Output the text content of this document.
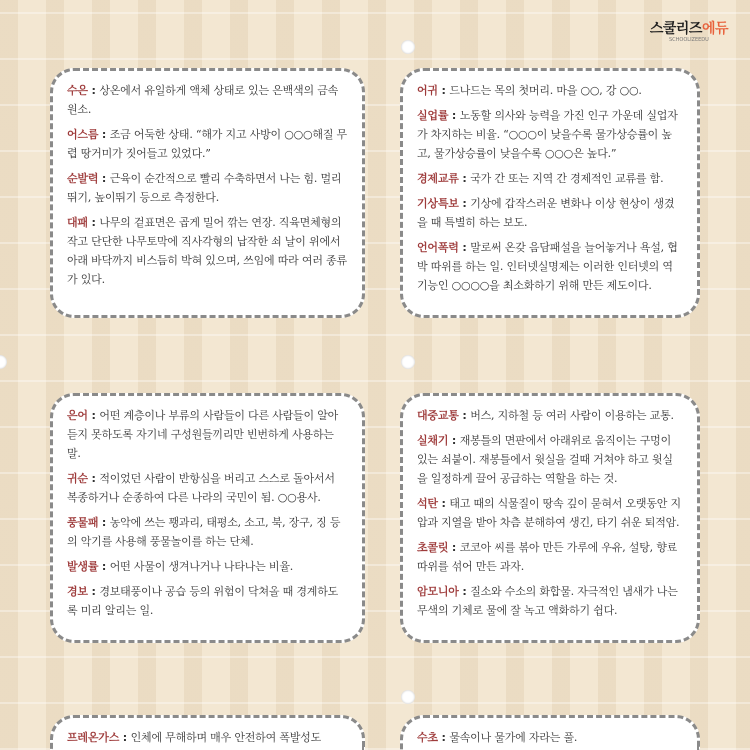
스쿨리즈에듀
SCHOOLIZEEDU

수은 : 상온에서 유일하게 액체 상태로 있는 은백색의 금속 원소.

어스름 : 조금 어둑한 상태. “해가 지고 사방이 ○○○해질 무렵 땅거미가 짓어들고 있었다.”

순발력 : 근육이 순간적으로 빨리 수축하면서 나는 힘. 멀리뛰기, 높이뛰기 등으로 측정한다.

대패 : 나무의 겉표면은 곱게 밀어 깎는 연장. 직육면체형의 작고 단단한 나무토막에 직사각형의 납작한 쇠 날이 위에서 아래 바닥까지 비스듬히 박혀 있으며, 쓰임에 따라 여러 종류가 있다.

어귀 : 드나드는 목의 첫머리. 마을 ○○, 강 ○○.

실업률 : 노동할 의사와 능력을 가진 인구 가운데 실업자가 차지하는 비율. “○○○이 낮을수록 물가상승률이 높고, 물가상승률이 낮을수록 ○○○은 높다.”

경제교류 : 국가 간 또는 지역 간 경제적인 교류를 함.

기상특보 : 기상에 갑작스러운 변화나 이상 현상이 생겼을 때 특별히 하는 보도.

언어폭력 : 말로써 온갖 음담패설을 늘어놓거나 욕설, 협박 따위를 하는 일. 인터넷실명제는 이러한 인터넷의 역기능인 ○○○○을 최소화하기 위해 만든 제도이다.

은어 : 어떤 계층이나 부류의 사람들이 다른 사람들이 알아듣지 못하도록 자기네 구성원들끼리만 빈번하게 사용하는 말.

귀순 : 적이었던 사람이 반항심을 버리고 스스로 돌아서서 복종하거나 순종하여 다른 나라의 국민이 됨. ○○용사.

풍물패 : 농악에 쓰는 꽹과리, 태평소, 소고, 북, 장구, 징 등의 악기를 사용해 풍물놀이를 하는 단체.

발생률 : 어떤 사물이 생겨나거나 나타나는 비율.

경보 : 경보태풍이나 공습 등의 위험이 닥쳐올 때 경계하도록 미리 알리는 일.

대중교통 : 버스, 지하철 등 여러 사람이 이용하는 교통.

실채기 : 재봉틀의 면판에서 아래위로 움직이는 구멍이 있는 쇠붙이. 재봉틀에서 윗실을 걸때 거쳐야 하고 윗실을 일정하게 끌어 공급하는 역할을 하는 것.

석탄 : 태고 때의 식물질이 땅속 깊이 묻혀서 오랫동안 지압과 지열을 받아 차츰 분해하여 생긴, 타기 쉬운 퇴적암.

초콜릿 : 코코아 씨를 볶아 만든 가루에 우유, 설탕, 향료 따위를 섞어 만든 과자.

암모니아 : 질소와 수소의 화합물. 자극적인 냄새가 나는 무색의 기체로 물에 잘 녹고 액화하기 쉽다.

프레온가스 : 인체에 무해하며 매우 안전하여 폭발성도	수초 : 물속이나 물가에 자라는 풀.
